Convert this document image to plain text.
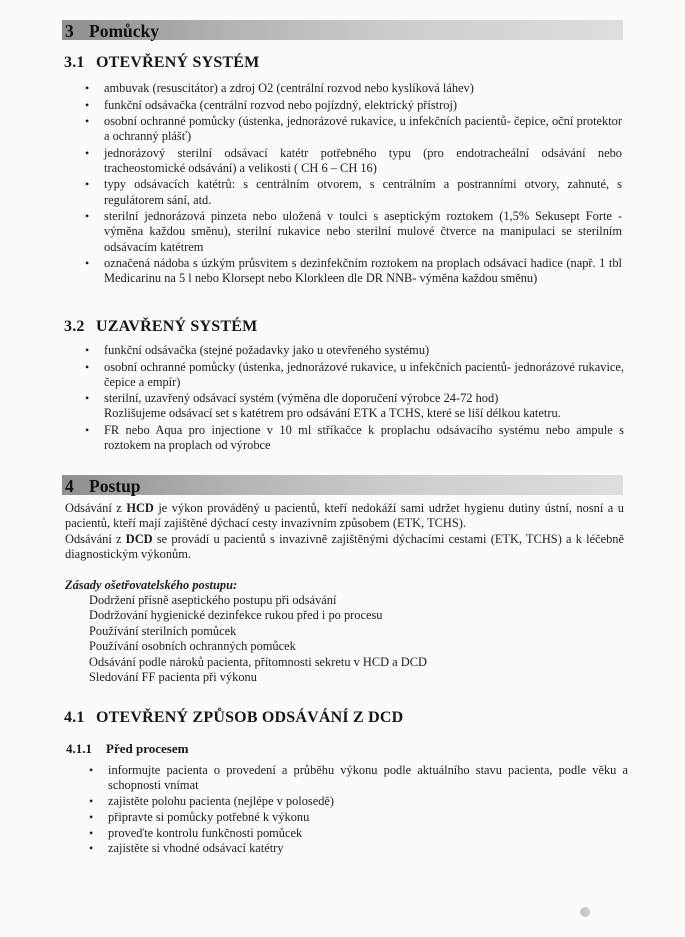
3 Pomůcky
3.1 OTEVŘENÝ SYSTÉM
• ambuvak (resuscitátor) a zdroj O2 (centrální rozvod nebo kyslíková láhev)
• funkční odsávačka (centrální rozvod nebo pojízdný, elektrický přístroj)
• osobní ochranné pomůcky (ústenka, jednorázové rukavice, u infekčních pacientů- čepice, oční protektor a ochranný plášť)
• jednorázový sterilní odsávací katétr potřebného typu (pro endotracheální odsávání nebo tracheostomické odsávání) a velikosti ( CH 6 – CH 16)
• typy odsávacích katétrů: s centrálním otvorem, s centrálním a postranními otvory, zahnuté, s regulátorem sání, atd.
• sterilní jednorázová pinzeta nebo uložená v toulci s aseptickým roztokem (1,5% Sekusept Forte - výměna každou směnu), sterilní rukavice nebo sterilní mulové čtverce na manipulaci se sterilním odsávacím katétrem
• označená nádoba s úzkým průsvitem s dezinfekčním roztokem na proplach odsávací hadice (např. 1 tbl Medicarinu na 5 l nebo Klorsept nebo Klorkleen dle DR NNB- výměna každou směnu)
3.2 UZAVŘENÝ SYSTÉM
• funkční odsávačka (stejné požadavky jako u otevřeného systému)
• osobní ochranné pomůcky (ústenka, jednorázové rukavice, u infekčních pacientů- jednorázové rukavice, čepice a empír)
• sterilní, uzavřený odsávací systém (výměna dle doporučení výrobce 24-72 hod)
Rozlišujeme odsávací set s katétrem pro odsávání ETK a TCHS, které se liší délkou katetru.
• FR nebo Aqua pro injectione v 10 ml stříkačce k proplachu odsávacího systému nebo ampule s roztokem na proplach od výrobce
4 Postup

Odsávání z HCD je výkon prováděný u pacientů, kteří nedokáží sami udržet hygienu dutiny ústní, nosní a u pacientů, kteří mají zajištěné dýchací cesty invazivním způsobem (ETK, TCHS).

Odsávání z DCD se provádí u pacientů s invazivně zajištěnými dýchacími cestami (ETK, TCHS) a k léčebně diagnostickým výkonům.

Zásady ošetřovatelského postupu:
Dodržení přísně aseptického postupu při odsávání
Dodržování hygienické dezinfekce rukou před i po procesu
Používání sterilních pomůcek
Používání osobních ochranných pomůcek
Odsávání podle nároků pacienta, přítomnosti sekretu v HCD a DCD
Sledování FF pacienta při výkonu
4.1 OTEVŘENÝ ZPŮSOB ODSÁVÁNÍ Z DCD
4.1.1 Před procesem
• informujte pacienta o provedení a průběhu výkonu podle aktuálního stavu pacienta, podle věku a schopnosti vnímat
• zajistěte polohu pacienta (nejlépe v polosedě)
• připravte si pomůcky potřebné k výkonu
• proveďte kontrolu funkčnosti pomůcek
• zajistěte si vhodné odsávací katétry
